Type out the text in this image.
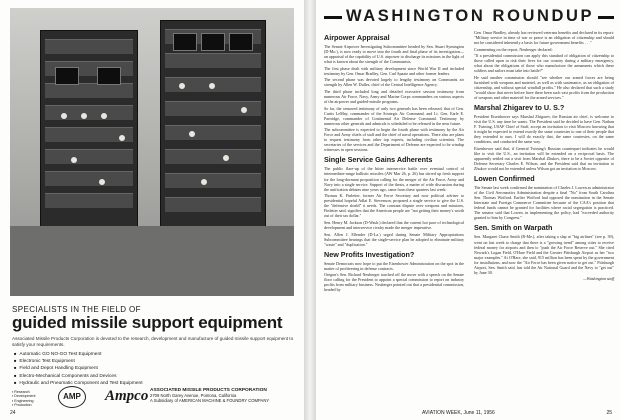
SPECIALISTS IN THE FIELD OF
guided missile support equipment
Associated Missile Products Corporation is devoted to the research, development and manufacture of guided missile support equipment to satisfy your requirements.
■ Automatic GO NO-GO Test Equipment
■ Electronic Test Equipment
■ Field and Depot Handling Equipment
■ Electro-Mechanical Components and Devices
■ Hydraulic and Pneumatic Component and Test Equipment
▪ Research
▪ Development
▪ Engineering
▪ Production
AMP	Ampco ASSOCIATED MISSILE PRODUCTS CORPORATION
2709 North Garey Avenue, Pomona, California
A Subsidiary of AMERICAN MACHINE & FOUNDRY COMPANY
24
WASHINGTON ROUNDUP
Airpower Appraisal
The Senate Airpower Investigating Subcommittee headed by Sen. Stuart Symington (D-Mo.), is now ready to move into the fourth and final phase of its investigation—an appraisal of the capability of U.S. airpower to discharge its missions in the light of what is known about the strength of the Communists.
The first phase dealt with military development since World War II and included testimony by Gen. Omar Bradley, Gen. Carl Spaatz and other former leaders.
The second phase was devoted largely to lengthy testimony on Communist air strength by Allen W. Dulles, chief of the Central Intelligence Agency.
The third phase included long and detailed executive session testimony from numerous Air Force, Navy, Army and Marine Corps commanders on various aspects of the airpower and guided-missile programs.
So far, the censored testimony of only two generals has been released, that of Gen. Curtis LeMay, commander of the Strategic Air Command, and Lt. Gen. Earle E. Partridge, commander of Continental Air Defense Command. Testimony by numerous other generals and admirals is scheduled to be released in the near future.
The subcommittee is expected to begin the fourth phase with testimony by the Air Force and Army chiefs of staff and the chief of naval operations. There also are plans to request testimony from other top experts, including civilian scientists. The secretaries of the services and the Department of Defense are expected to be windup witnesses in open sessions.
Single Service Gains Adherents
The public flare-up of the bitter interservice battle over eventual control of intermediate-range ballistic missiles (AW Mar 26, p. 26) has stirred up fresh support for the long-dormant proposition calling for the merger of the Air Force, Army and Navy into a single service. Support of the thesis, a matter of wide discussion during the unification debates nine years ago, came from these quarters last week:
Thomas K. Finletter, former Air Force Secretary and now political adviser to presidential hopeful Adlai E. Stevenson, proposed a single service to give the U.S. the "defensive shield" it needs. The constant dispute over weapons and missions, Finletter said, signifies that the American people are "not getting their money's worth out of their tax dollar."
Sen. Henry M. Jackson (D-Wash.) declared that the current hot pace of technological development and interservice rivalry made the merger imperative.
Sen. Allen J. Ellender (D-La.) urged during Senate Military Appropriations Subcommittee hearings that the single-service plan be adopted to eliminate military "waste" and "duplication."
New Profits Investigation?
Senate Democrats now hope to put the Eisenhower Administration on the spot in the matter of profiteering in defense contracts.
Oregon's Sen. Richard Neuberger touched off the move with a speech on the Senate floor calling for the President to appoint a special commission to report on industry profits from military business. Neuberger pointed out that a presidential commission, headed by
Gen. Omar Bradley, already has reviewed veterans benefits and declared in its report: "Military service in time of war or peace is an obligation of citizenship and should not be considered inherently a basis for future government benefits . . ."
Commenting on the report, Neuberger declared:
"If a presidential commission can apply this standard of obligation of citizenship to those called upon to risk their lives for our country during a military emergency, what about the obligations of those who manufacture the armaments which these soldiers and sailors must take into battle?"
He said another commission should "see whether our armed forces are being furnished with weapons and materiel, as well as with sustenance, as an obligation of citizenship, and without special windfall profits." He also declared that such a study "would show that never before have there been such vast profits from the production of weapons and other materiel for the armed services."
Marshal Zhigarev to U. S.?
President Eisenhower says Marshal Zhigarev, the Russian air chief, is welcome to visit the U.S. any time he wants. The President said he decided to have Gen. Nathan F. Twining, USAF Chief of Staff, accept an invitation to visit Moscow knowing that it might be expected to extend exactly the same courtesies to one of their people that they extended to ours. I will do exactly that, the same courtesies, on the same conditions, and conducted the same way.
Eisenhower said that, if General Twining's Russian counterpart indicates he would like to visit the U.S., an invitation will be extended on a reciprocal basis. The apparently settled out a visit from Marshal Zhukov, there to be a Soviet opposite of Defense Secretary Charles E. Wilson, and the President said that an invitation to Zhukov would not be extended unless Wilson got an invitation to Moscow.
Lowen Confirmed
The Senate last week confirmed the nomination of Charles J. Lowen as administrator of the Civil Aeronautics Administration despite a final "No" from South Carolina Sen. Thomas Wofford. Earlier Wofford had opposed the nomination in the Senate Interstate and Foreign Commerce Committee because of the CAA's position that federal funds cannot be granted for facilities where racial segregation is practiced. The senator said that Lowen, in implementing the policy, had "exceeded authority granted to him by Congress."
Sen. Smith on Warpath
Sen. Margaret Chase Smith (R-Me.), after taking a slap at "big airlines" (see p. 39), went on last week to charge that there is a "growing trend" among cities to receive federal money for airports and then to "push the Air Force Reserve out." She cited Newark's Logan Field, O'Hare Field and the Greater Pittsburgh Airport as her "two major examples." At O'Hare, she said, 915 million has been spent by the government for installations, and now the "Air Force has been given notice to get out." Pittsburgh Airport, Sen. Smith said, has told the Air National Guard and the Navy to "get out" by June 30.
—Washington staff
AVIATION WEEK, June 11, 1956	25
